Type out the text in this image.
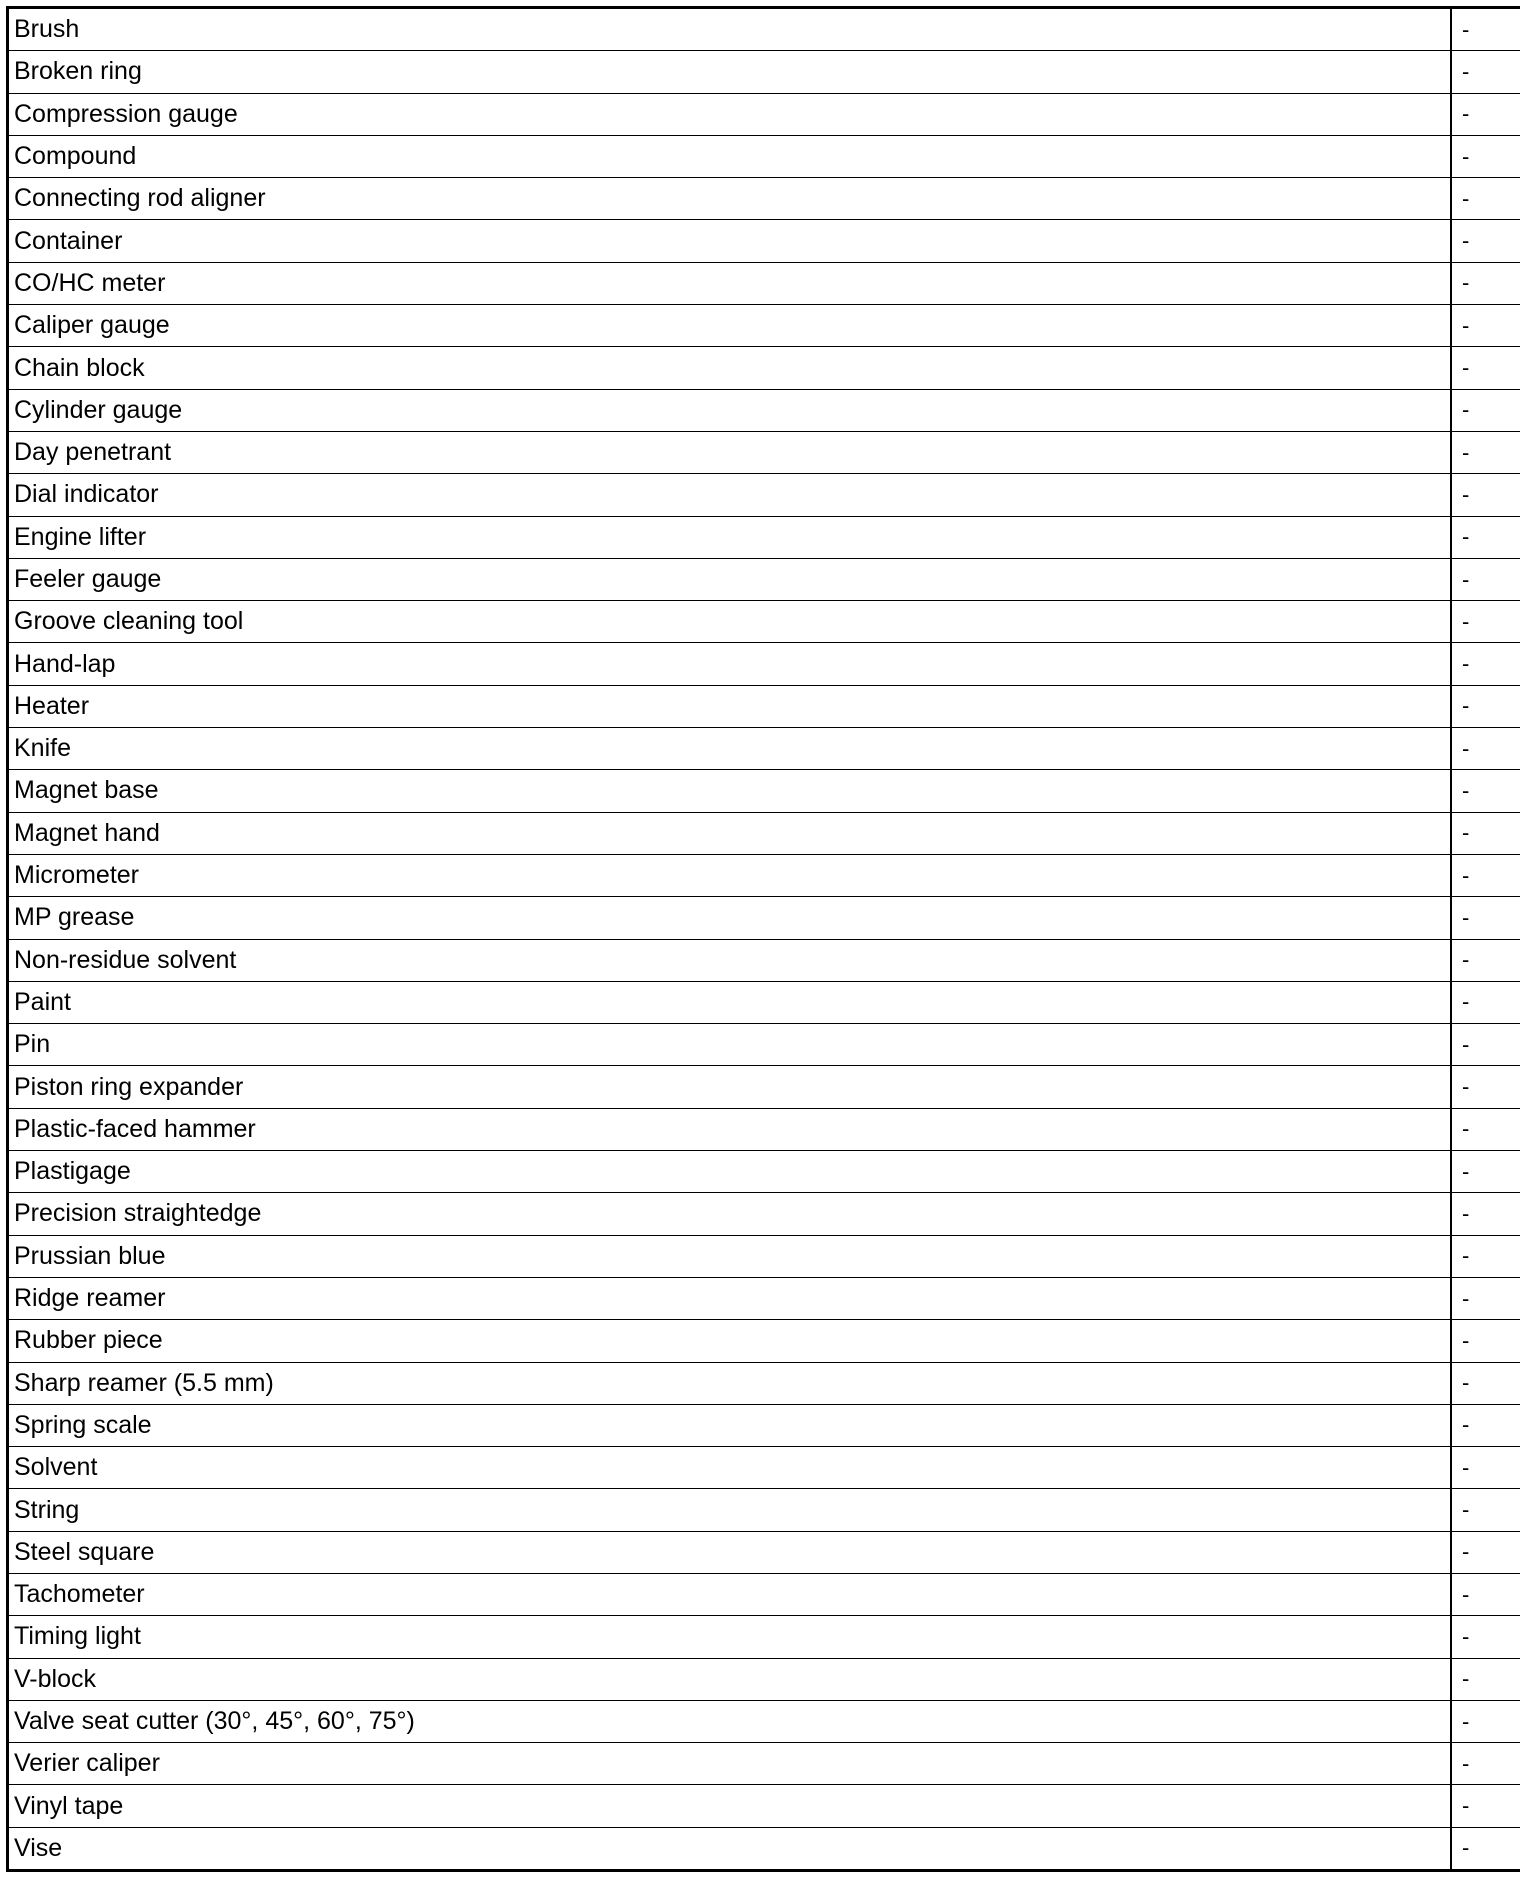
Brush	-
Broken ring	-
Compression gauge	-
Compound	-
Connecting rod aligner	-
Container	-
CO/HC meter	-
Caliper gauge	-
Chain block	-
Cylinder gauge	-
Day penetrant	-
Dial indicator	-
Engine lifter	-
Feeler gauge	-
Groove cleaning tool	-
Hand-lap	-
Heater	-
Knife	-
Magnet base	-
Magnet hand	-
Micrometer	-
MP grease	-
Non-residue solvent	-
Paint	-
Pin	-
Piston ring expander	-
Plastic-faced hammer	-
Plastigage	-
Precision straightedge	-
Prussian blue	-
Ridge reamer	-
Rubber piece	-
Sharp reamer (5.5 mm)	-
Spring scale	-
Solvent	-
String	-
Steel square	-
Tachometer	-
Timing light	-
V-block	-
Valve seat cutter (30°, 45°, 60°, 75°)	-
Verier caliper	-
Vinyl tape	-
Vise	-
